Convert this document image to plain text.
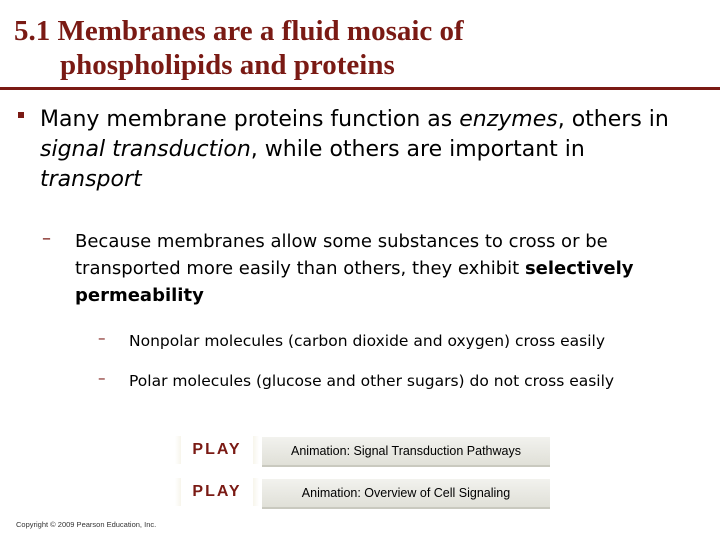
5.1 Membranes are a fluid mosaic of
phospholipids and proteins
Many membrane proteins function as enzymes, others in signal transduction, while others are important in transport
– Because membranes allow some substances to cross or be transported more easily than others, they exhibit selectively permeability
– Nonpolar molecules (carbon dioxide and oxygen) cross easily
– Polar molecules (glucose and other sugars) do not cross easily
PLAY	Animation: Signal Transduction Pathways
PLAY	Animation: Overview of Cell Signaling
Copyright © 2009 Pearson Education, Inc.
